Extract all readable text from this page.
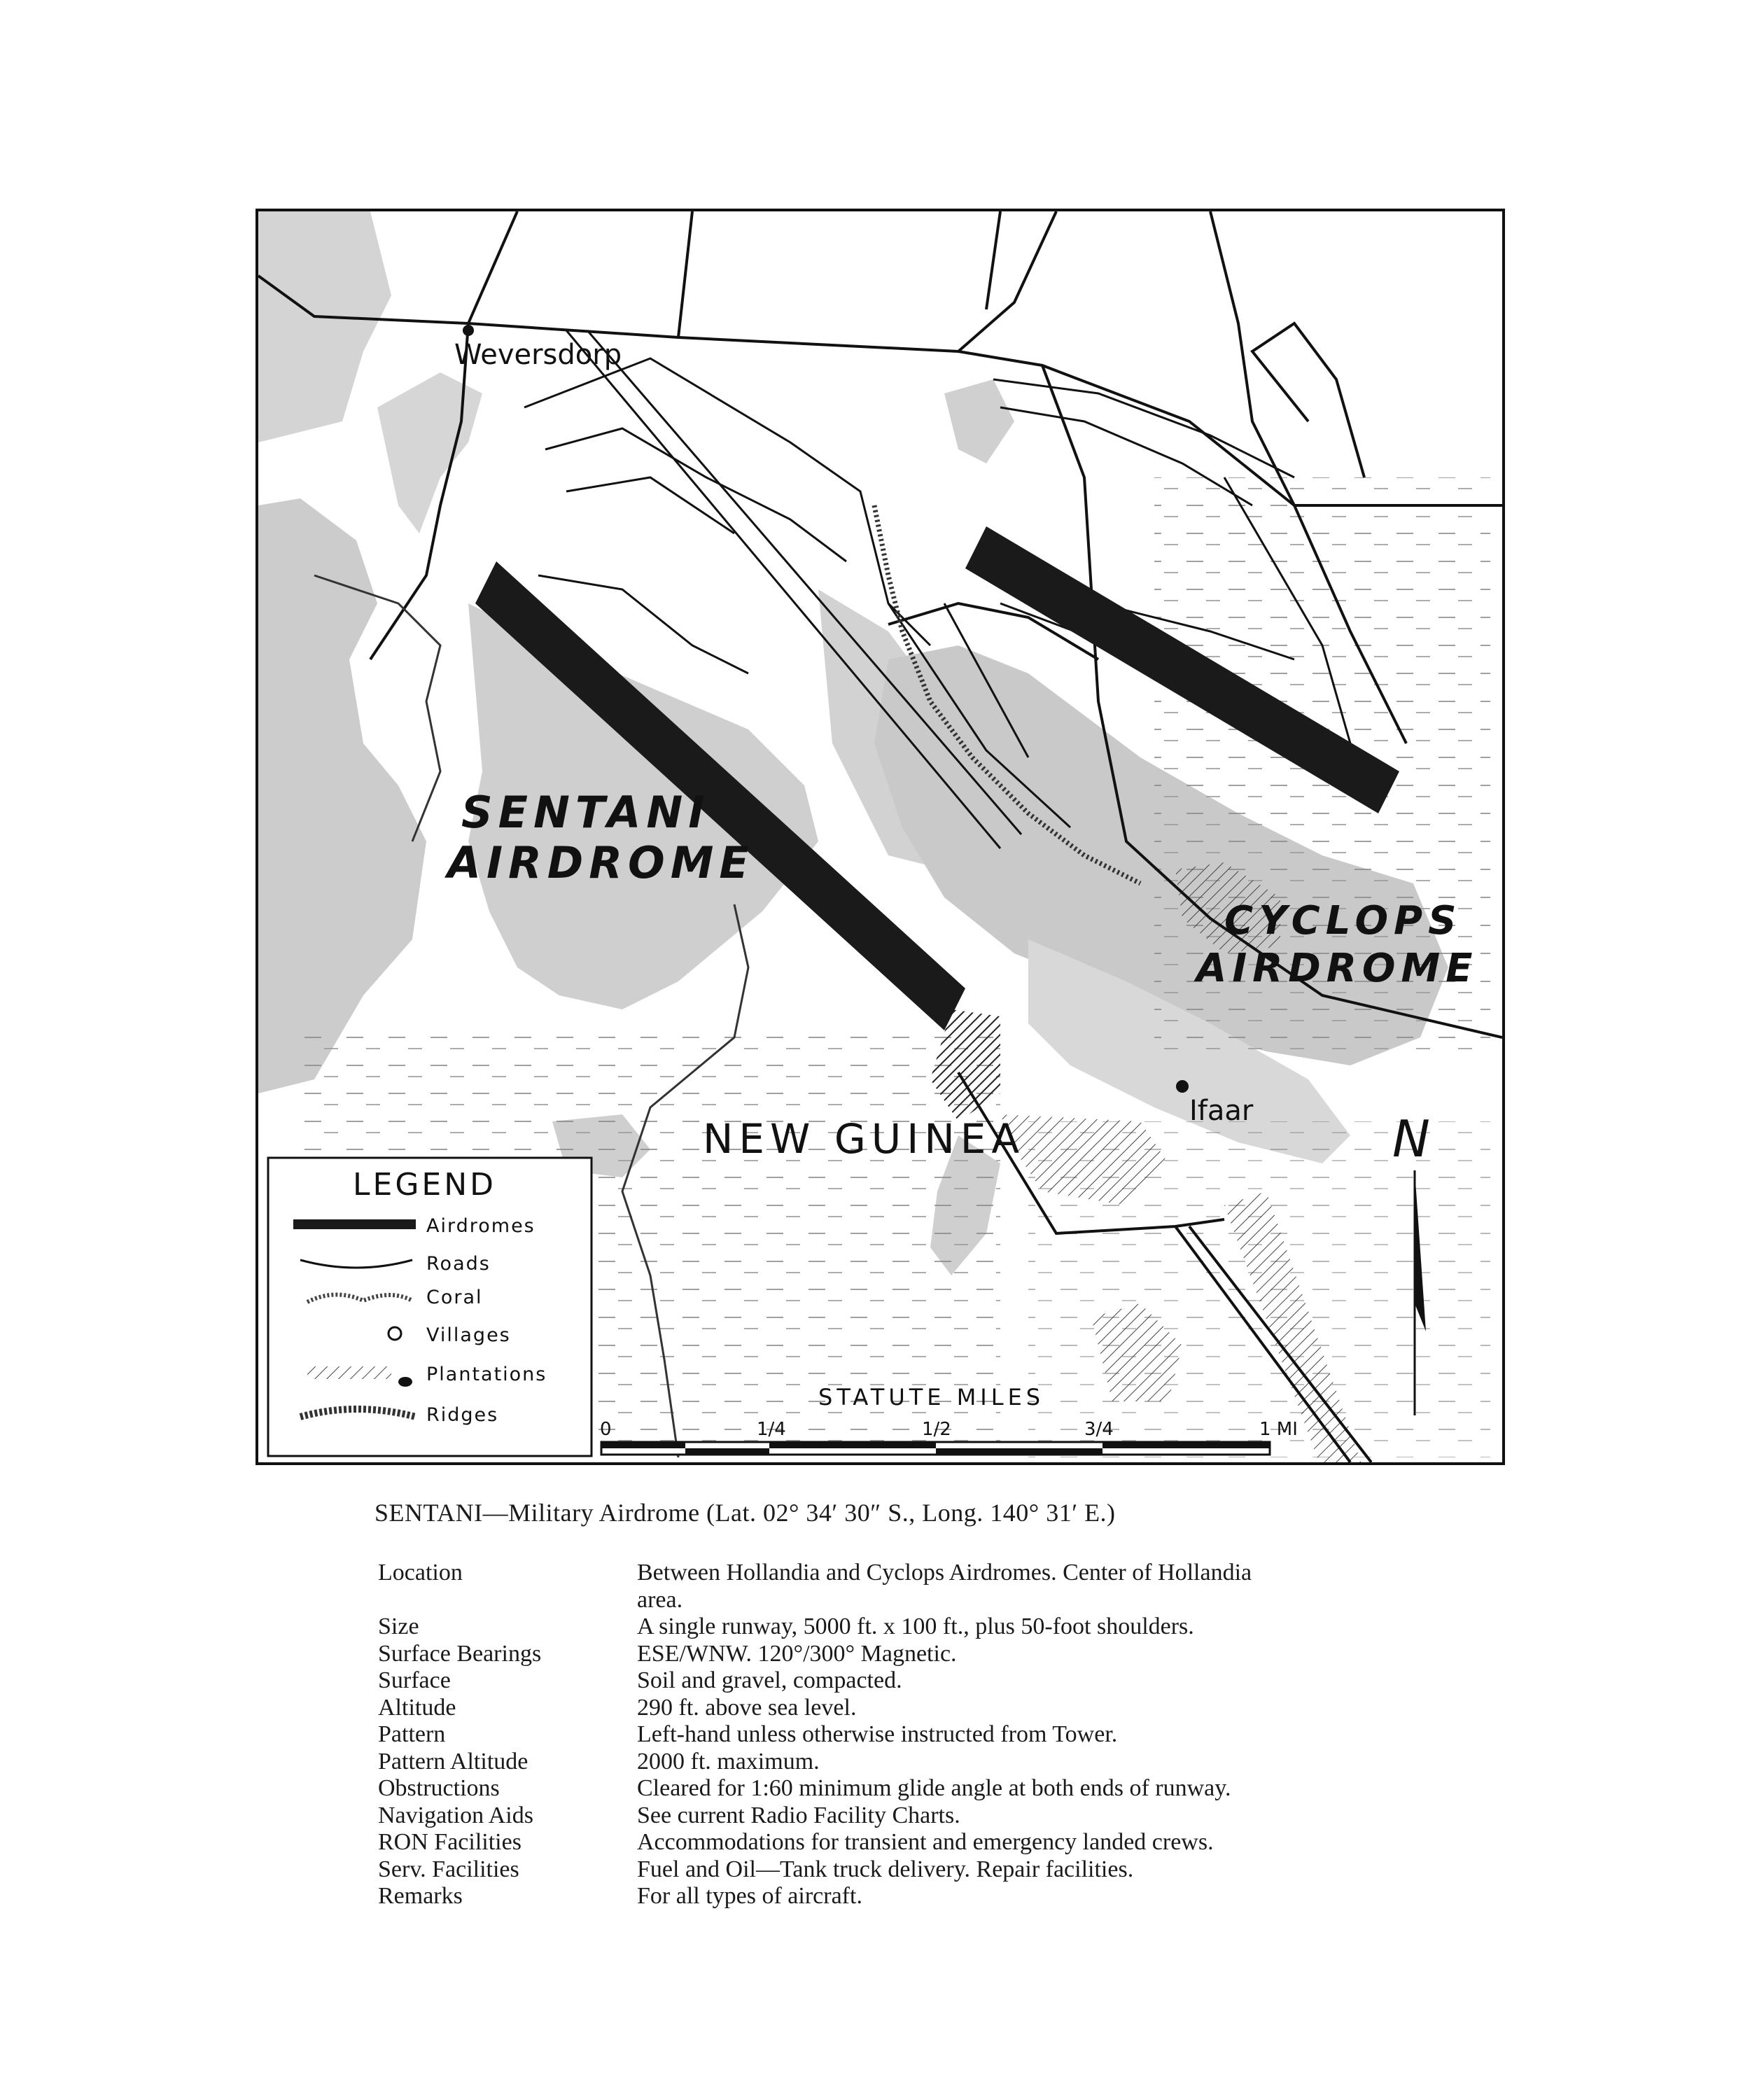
Weversdorp
SENTANI
AIRDROME
CYCLOPS
AIRDROME
NEW GUINEA
Ifaar	N
LEGEND
Airdromes
Roads
Coral
Villages
Plantations
Ridges
STATUTE MILES
0	1/4	1/2	3/4	1 MI
SENTANI—Military Airdrome (Lat. 02° 34′ 30″ S., Long. 140° 31′ E.)
Location	Between Hollandia and Cyclops Airdromes. Center of Hollandia
	area.
Size	A single runway, 5000 ft. x 100 ft., plus 50-foot shoulders.
Surface Bearings	ESE/WNW. 120°/300° Magnetic.
Surface	Soil and gravel, compacted.
Altitude	290 ft. above sea level.
Pattern	Left-hand unless otherwise instructed from Tower.
Pattern Altitude	2000 ft. maximum.
Obstructions	Cleared for 1:60 minimum glide angle at both ends of runway.
Navigation Aids	See current Radio Facility Charts.
RON Facilities	Accommodations for transient and emergency landed crews.
Serv. Facilities	Fuel and Oil—Tank truck delivery. Repair facilities.
Remarks	For all types of aircraft.
